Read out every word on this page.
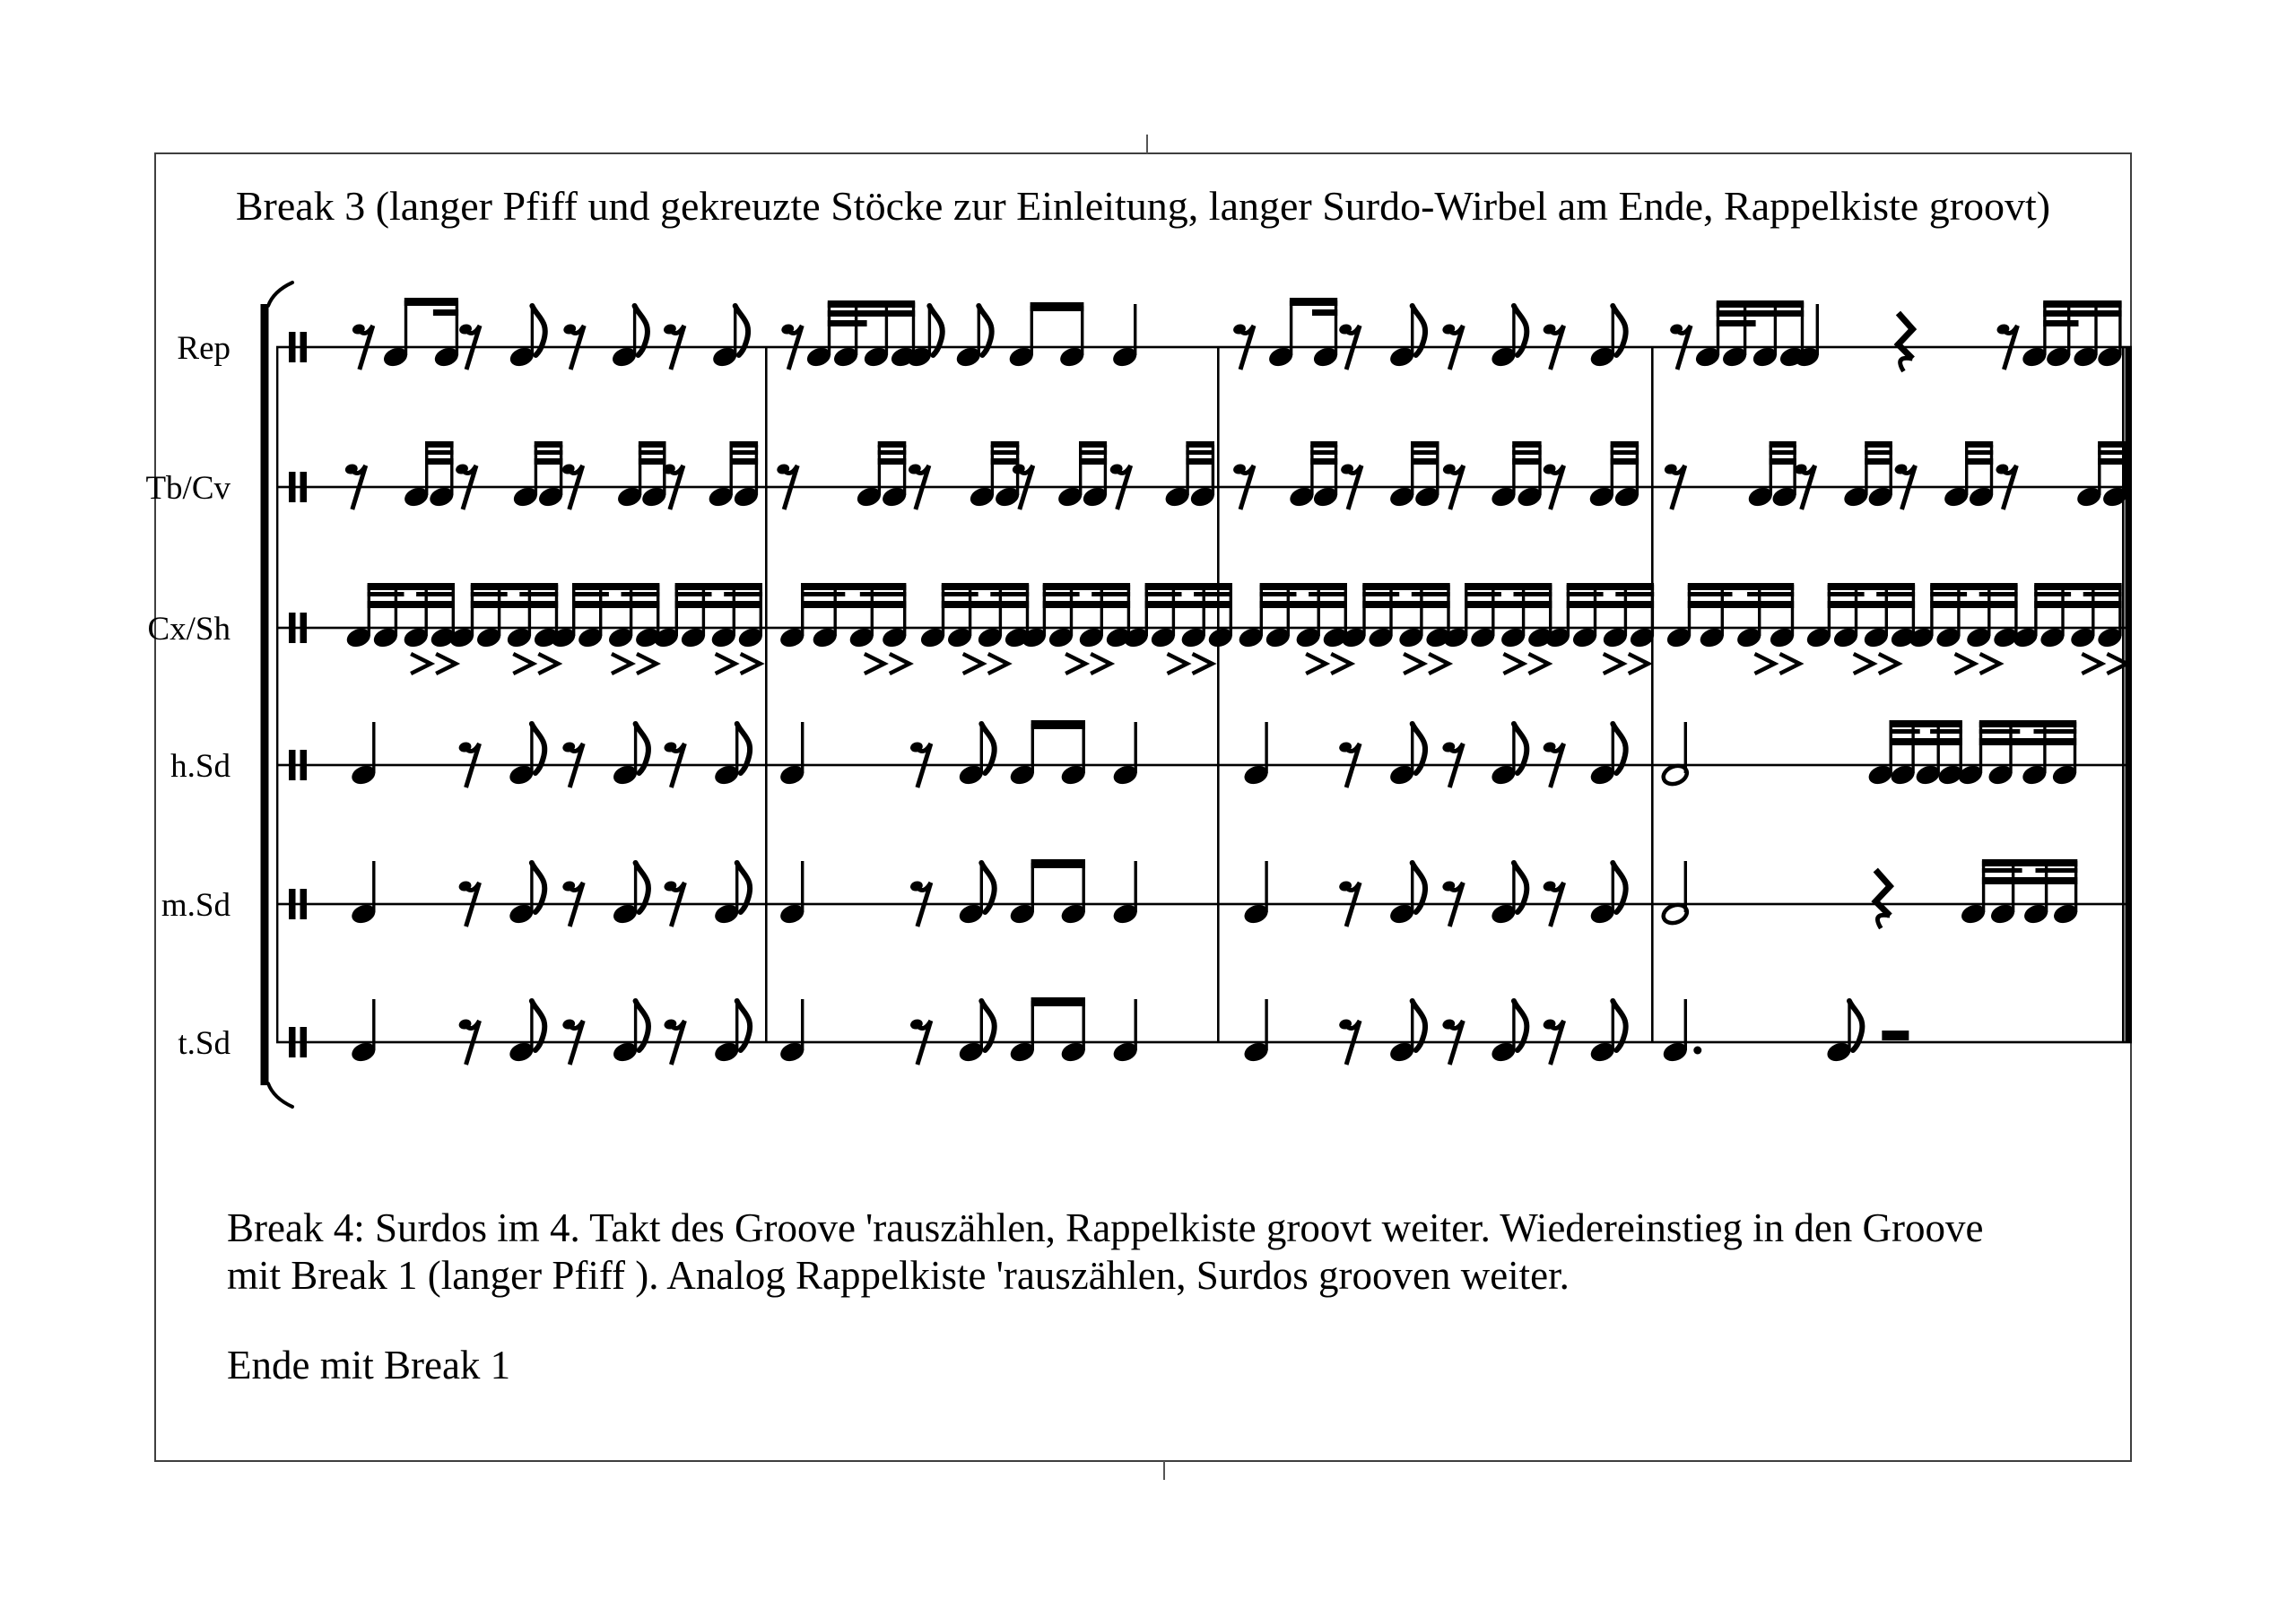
Break 3 (langer Pfiff und gekreuzte Stöcke zur Einleitung, langer Surdo-Wirbel am Ende, Rappelkiste groovt)
Rep
Tb/Cv
Cx/Sh
h.Sd
m.Sd
t.Sd
Break 4: Surdos im 4. Takt des Groove 'rauszählen, Rappelkiste groovt weiter. Wiedereinstieg in den Groove
mit Break 1 (langer Pfiff ). Analog Rappelkiste 'rauszählen, Surdos grooven weiter.
Ende mit Break 1
